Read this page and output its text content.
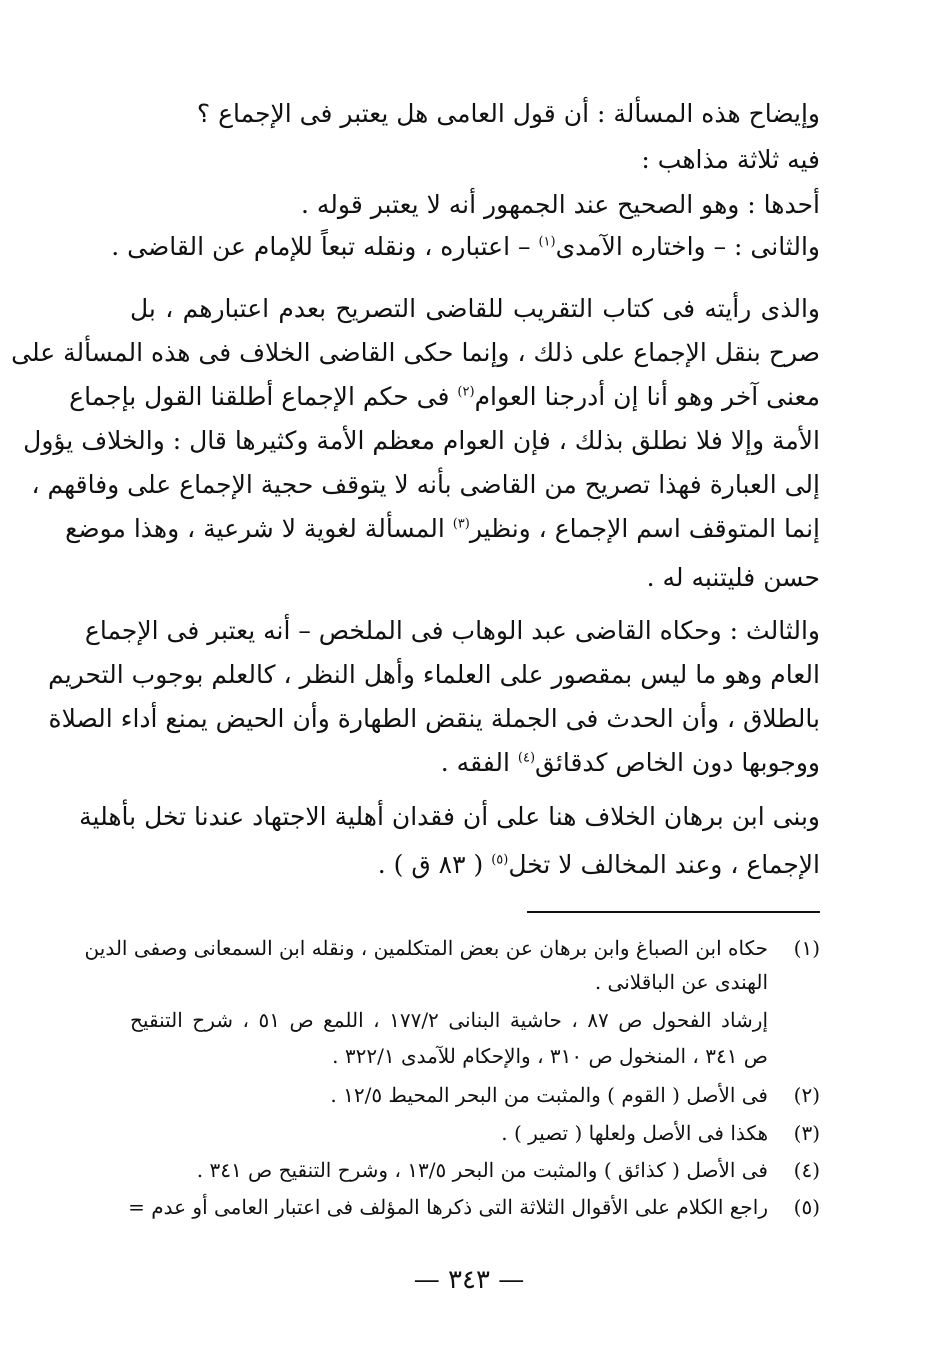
وإيضاح هذه المسألة : أن قول العامى هل يعتبر فى الإجماع ؟
فيه ثلاثة مذاهب :
أحدها : وهو الصحيح عند الجمهور أنه لا يعتبر قوله .
والثانى : – واختاره الآمدى$^{(١)}$ – اعتباره ، ونقله تبعاً للإمام عن القاضى .
والذى رأيته فى كتاب التقريب للقاضى التصريح بعدم اعتبارهم ، بل
صرح بنقل الإجماع على ذلك ، وإنما حكى القاضى الخلاف فى هذه المسألة على
معنى آخر وهو أنا إن أدرجنا العوام$^{(٢)}$ فى حكم الإجماع أطلقنا القول بإجماع
الأمة وإلا فلا نطلق بذلك ، فإن العوام معظم الأمة وكثيرها قال : والخلاف يؤول
إلى العبارة فهذا تصريح من القاضى بأنه لا يتوقف حجية الإجماع على وفاقهم ،
إنما المتوقف اسم الإجماع ، ونظير$^{(٣)}$ المسألة لغوية لا شرعية ، وهذا موضع
حسن فليتنبه له .
والثالث : وحكاه القاضى عبد الوهاب فى الملخص – أنه يعتبر فى الإجماع
العام وهو ما ليس بمقصور على العلماء وأهل النظر ، كالعلم بوجوب التحريم
بالطلاق ، وأن الحدث فى الجملة ينقض الطهارة وأن الحيض يمنع أداء الصلاة
ووجوبها دون الخاص كدقائق$^{(٤)}$ الفقه .
وبنى ابن برهان الخلاف هنا على أن فقدان أهلية الاجتهاد عندنا تخل بأهلية
الإجماع ، وعند المخالف لا تخل$^{(٥)}$ ( ٨٣ ق ) .
(١)
حكاه ابن الصباغ وابن برهان عن بعض المتكلمين ، ونقله ابن السمعانى وصفى الدين
الهندى عن الباقلانى .
إرشاد الفحول ص ٨٧ ، حاشية البنانى ١٧٧/٢ ، اللمع ص ٥١ ، شرح التنقيح
ص ٣٤١ ، المنخول ص ٣١٠ ، والإحكام للآمدى ٣٢٢/١ .
(٢)
فى الأصل ( القوم ) والمثبت من البحر المحيط ١٢/٥ .
(٣)
هكذا فى الأصل ولعلها ( تصير ) .
(٤)
فى الأصل ( كذائق ) والمثبت من البحر ١٣/٥ ، وشرح التنقيح ص ٣٤١ .
(٥)
راجع الكلام على الأقوال الثلاثة التى ذكرها المؤلف فى اعتبار العامى أو عدم =
— ٣٤٣ —
